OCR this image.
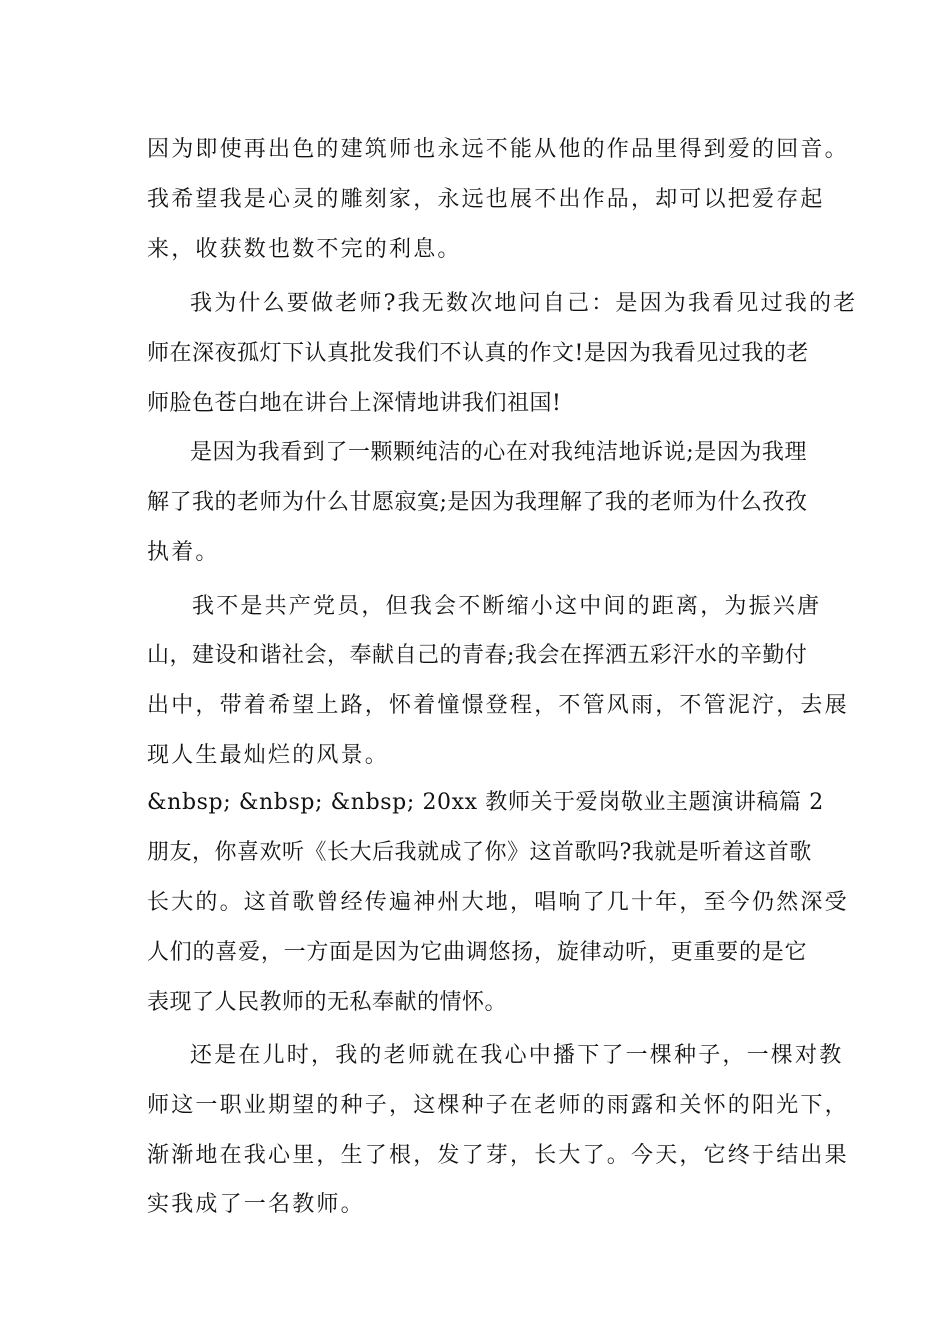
因为即使再出色的建筑师也永远不能从他的作品里得到爱的回音。
我希望我是心灵的雕刻家，永远也展不出作品，却可以把爱存起
来，收获数也数不完的利息。
我为什么要做老师?我无数次地问自己：是因为我看见过我的老
师在深夜孤灯下认真批发我们不认真的作文!是因为我看见过我的老
师脸色苍白地在讲台上深情地讲我们祖国!
是因为我看到了一颗颗纯洁的心在对我纯洁地诉说;是因为我理
解了我的老师为什么甘愿寂寞;是因为我理解了我的老师为什么孜孜
执着。
我不是共产党员，但我会不断缩小这中间的距离，为振兴唐
山，建设和谐社会，奉献自己的青春;我会在挥洒五彩汗水的辛勤付
出中，带着希望上路，怀着憧憬登程，不管风雨，不管泥泞，去展
现人生最灿烂的风景。
&nbsp; &nbsp; &nbsp; 20xx 教师关于爱岗敬业主题演讲稿篇 2
朋友，你喜欢听《长大后我就成了你》这首歌吗?我就是听着这首歌
长大的。这首歌曾经传遍神州大地，唱响了几十年，至今仍然深受
人们的喜爱，一方面是因为它曲调悠扬，旋律动听，更重要的是它
表现了人民教师的无私奉献的情怀。
还是在儿时，我的老师就在我心中播下了一棵种子，一棵对教
师这一职业期望的种子，这棵种子在老师的雨露和关怀的阳光下，
渐渐地在我心里，生了根，发了芽，长大了。今天，它终于结出果
实我成了一名教师。
